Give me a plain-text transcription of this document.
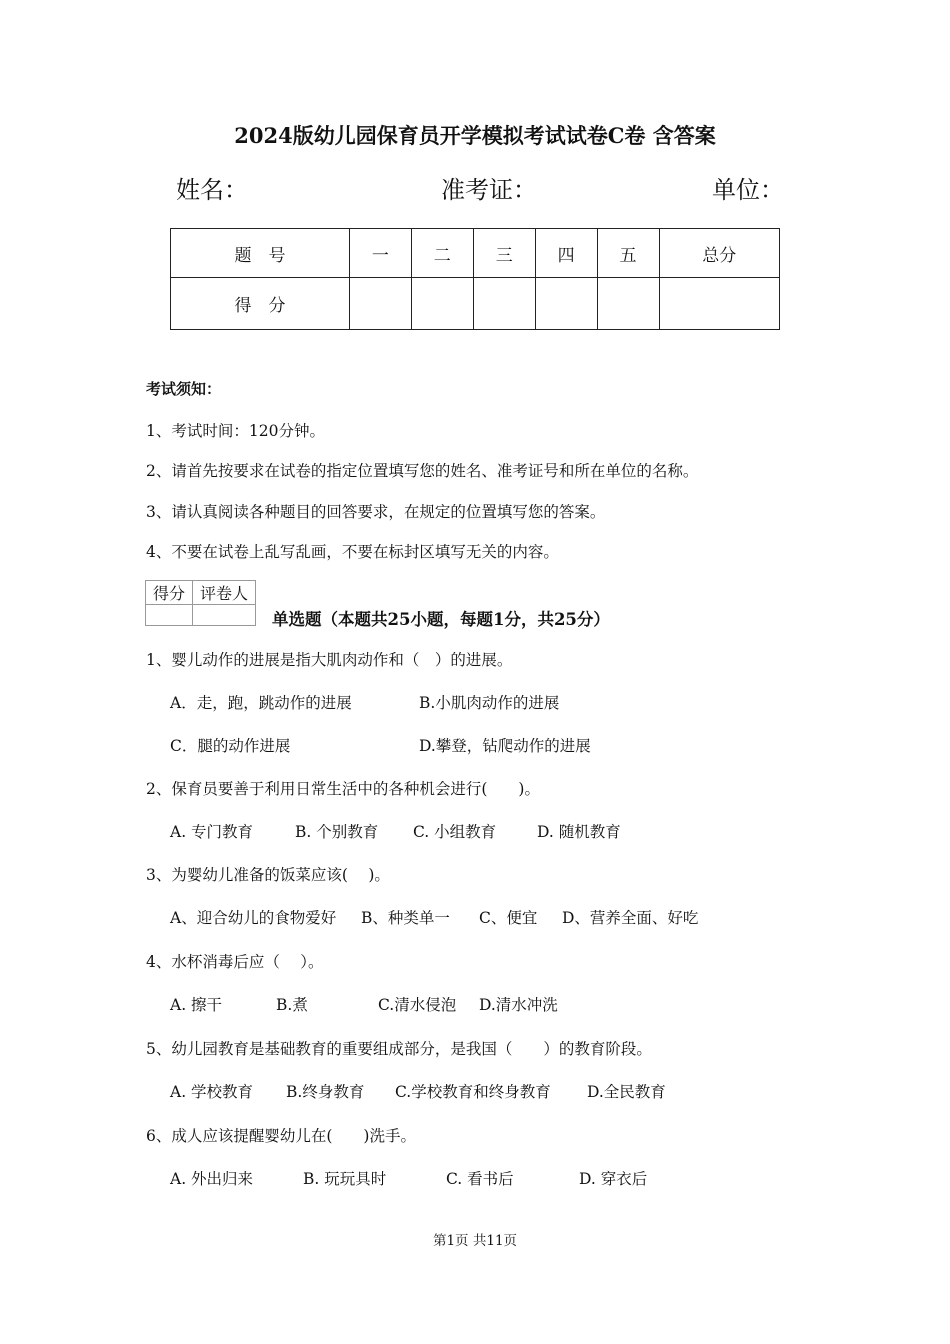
2024版幼儿园保育员开学模拟考试试卷C卷 含答案
姓名：	准考证：	单位：
题　号	一	二	三	四	五	总分
得　分						
考试须知：
1、考试时间：120分钟。
2、请首先按要求在试卷的指定位置填写您的姓名、准考证号和所在单位的名称。
3、请认真阅读各种题目的回答要求，在规定的位置填写您的答案。
4、不要在试卷上乱写乱画，不要在标封区填写无关的内容。
得分	评卷人

单选题（本题共25小题，每题1分，共25分）
1、婴儿动作的进展是指大肌肉动作和（　）的进展。
A．走，跑，跳动作的进展	B.小肌肉动作的进展
C．腿的动作进展	D.攀登，钻爬动作的进展
2、保育员要善于利用日常生活中的各种机会进行(　　)。
A. 专门教育	B. 个别教育 C. 小组教育	D. 随机教育
3、为婴幼儿准备的饭菜应该(　 )。
A、迎合幼儿的食物爱好 B、种类单一 C、便宜 D、营养全面、好吃
4、水杯消毒后应（　 ）。
A. 擦干	B.煮	C.清水侵泡 D.清水冲洗
5、幼儿园教育是基础教育的重要组成部分，是我国（　　）的教育阶段。
A. 学校教育 B.终身教育 C.学校教育和终身教育 D.全民教育
6、成人应该提醒婴幼儿在(　　)洗手。
A. 外出归来	B. 玩玩具时	C. 看书后	D. 穿衣后
第1页 共11页
